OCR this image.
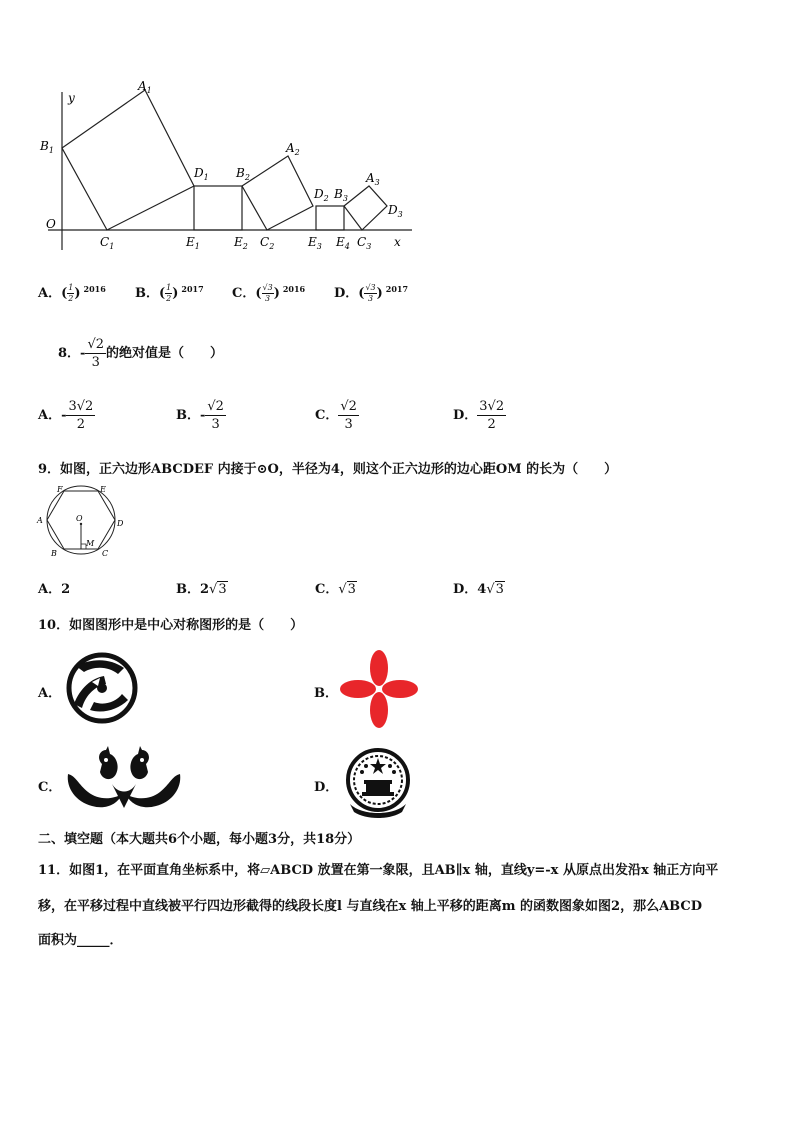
y
x
O
$A_1$
$B_1$
$C_1$
$D_1$
$E_1$
$B_2$
$A_2$
$E_2$ $C_2$
$D_2$ $B_3$
$A_3$
$E_3$ $E_4$ $C_3$
$D_3$
A．( $\frac{1}{2}$ ) $^{2016}$ B．( $\frac{1}{2}$ ) $^{2017}$ C．( $\frac{√3}{3}$ ) $^{2016}$ D．( $\frac{√3}{3}$ ) $^{2017}$
8．- $\frac{√2}{3}$ 的绝对值是（　　）
A．- $\frac{3√2}{2}$	B．- $\frac{√2}{3}$	C． $\frac{√2}{3}$	D． $\frac{3√2}{2}$
9．如图，正六边形ABCDEF 内接于⊙O，半径为4，则这个正六边形的边心距OM 的长为（　　）
A
B	C
D
E
F
O
M
A．2	B．2√3	C．√3	D．4√3
10．如图图形中是中心对称图形的是（　　）
A．	B．
C．	D．
二、填空题（本大题共6个小题，每小题3分，共18分）
11．如图1，在平面直角坐标系中，将▱ABCD 放置在第一象限，且AB∥x 轴，直线y=-x 从原点出发沿x 轴正方向平
移，在平移过程中直线被平行四边形截得的线段长度l 与直线在x 轴上平移的距离m 的函数图象如图2，那么ABCD
面积为_____．
